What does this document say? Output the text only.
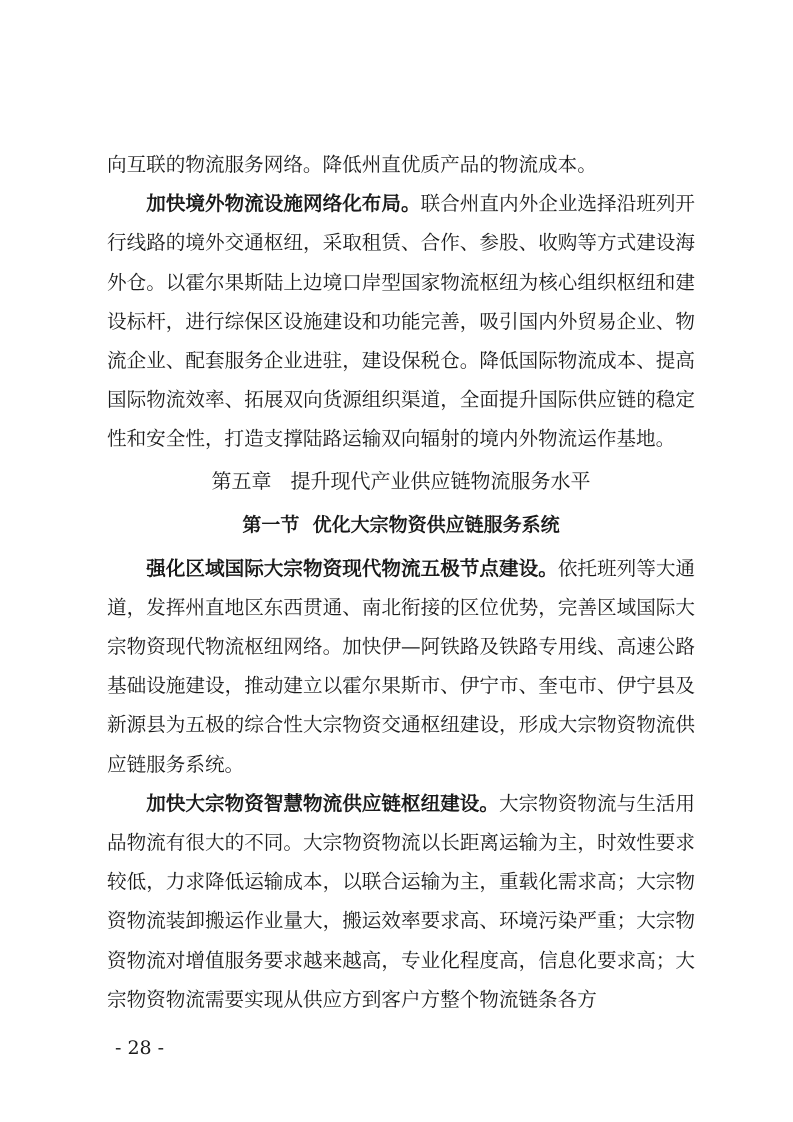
向互联的物流服务网络。降低州直优质产品的物流成本。

加快境外物流设施网络化布局。联合州直内外企业选择沿班列开行线路的境外交通枢纽，采取租赁、合作、参股、收购等方式建设海外仓。以霍尔果斯陆上边境口岸型国家物流枢纽为核心组织枢纽和建设标杆，进行综保区设施建设和功能完善，吸引国内外贸易企业、物流企业、配套服务企业进驻，建设保税仓。降低国际物流成本、提高国际物流效率、拓展双向货源组织渠道，全面提升国际供应链的稳定性和安全性，打造支撑陆路运输双向辐射的境内外物流运作基地。

第五章 提升现代产业供应链物流服务水平
第一节 优化大宗物资供应链服务系统

强化区域国际大宗物资现代物流五极节点建设。依托班列等大通道，发挥州直地区东西贯通、南北衔接的区位优势，完善区域国际大宗物资现代物流枢纽网络。加快伊—阿铁路及铁路专用线、高速公路基础设施建设，推动建立以霍尔果斯市、伊宁市、奎屯市、伊宁县及新源县为五极的综合性大宗物资交通枢纽建设，形成大宗物资物流供应链服务系统。

加快大宗物资智慧物流供应链枢纽建设。大宗物资物流与生活用品物流有很大的不同。大宗物资物流以长距离运输为主，时效性要求较低，力求降低运输成本，以联合运输为主，重载化需求高；大宗物资物流装卸搬运作业量大，搬运效率要求高、环境污染严重；大宗物资物流对增值服务要求越来越高，专业化程度高，信息化要求高；大宗物资物流需要实现从供应方到客户方整个物流链条各方

- 28 -
